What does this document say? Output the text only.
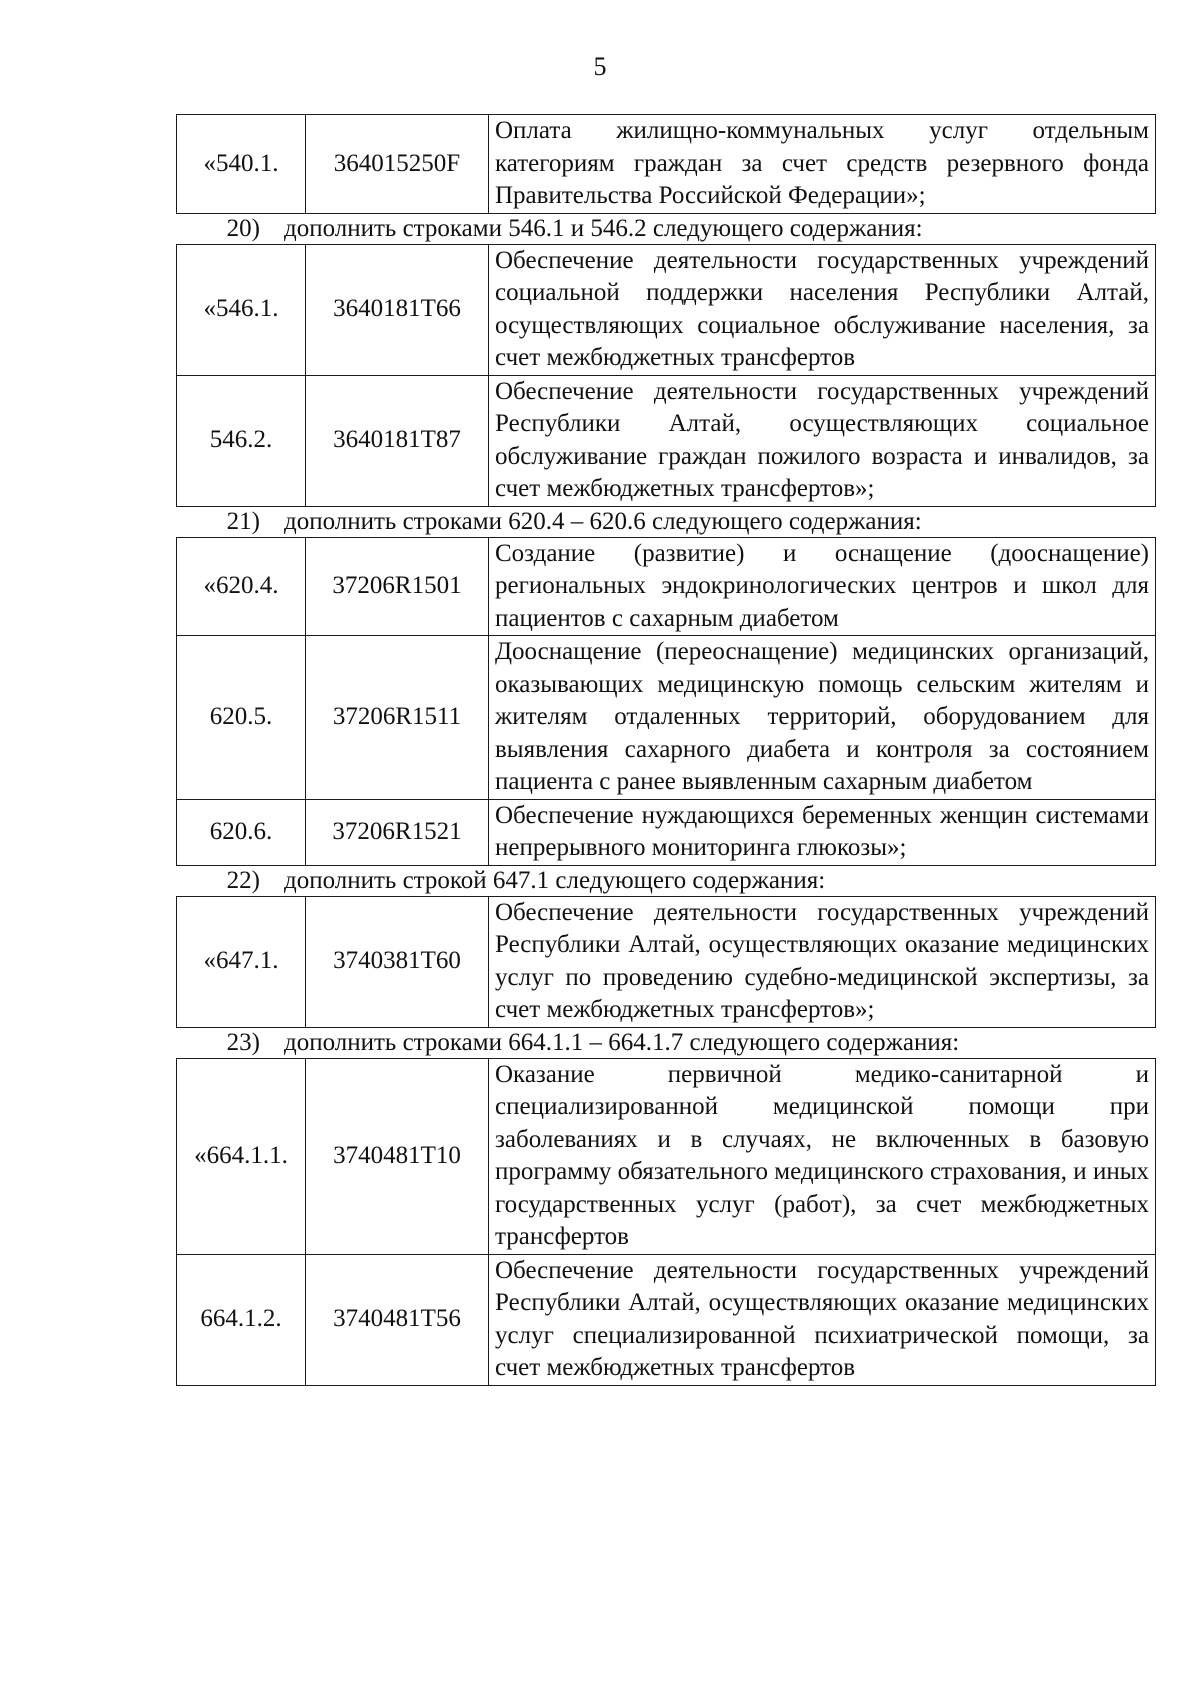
5
«540.1.	364015250F	Оплата жилищно-коммунальных услуг отдельным категориям граждан за счет средств резервного фонда Правительства Российской Федерации»;
20) дополнить строками 546.1 и 546.2 следующего содержания:
«546.1.	3640181Т66	Обеспечение деятельности государственных учреждений социальной поддержки населения Республики Алтай, осуществляющих социальное обслуживание населения, за счет межбюджетных трансфертов
546.2.	3640181Т87	Обеспечение деятельности государственных учреждений Республики Алтай, осуществляющих социальное обслуживание граждан пожилого возраста и инвалидов, за счет межбюджетных трансфертов»;
21) дополнить строками 620.4 – 620.6 следующего содержания:
«620.4.	37206R1501	Создание (развитие) и оснащение (дооснащение) региональных эндокринологических центров и школ для пациентов с сахарным диабетом
620.5.	37206R1511	Дооснащение (переоснащение) медицинских организаций, оказывающих медицинскую помощь сельским жителям и жителям отдаленных территорий, оборудованием для выявления сахарного диабета и контроля за состоянием пациента с ранее выявленным сахарным диабетом
620.6.	37206R1521	Обеспечение нуждающихся беременных женщин системами непрерывного мониторинга глюкозы»;
22) дополнить строкой 647.1 следующего содержания:
«647.1.	3740381Т60	Обеспечение деятельности государственных учреждений Республики Алтай, осуществляющих оказание медицинских услуг по проведению судебно-медицинской экспертизы, за счет межбюджетных трансфертов»;
23) дополнить строками 664.1.1 – 664.1.7 следующего содержания:
«664.1.1.	3740481Т10	Оказание первичной медико-санитарной и специализированной медицинской помощи при заболеваниях и в случаях, не включенных в базовую программу обязательного медицинского страхования, и иных государственных услуг (работ), за счет межбюджетных трансфертов
664.1.2.	3740481Т56	Обеспечение деятельности государственных учреждений Республики Алтай, осуществляющих оказание медицинских услуг специализированной психиатрической помощи, за счет межбюджетных трансфертов
